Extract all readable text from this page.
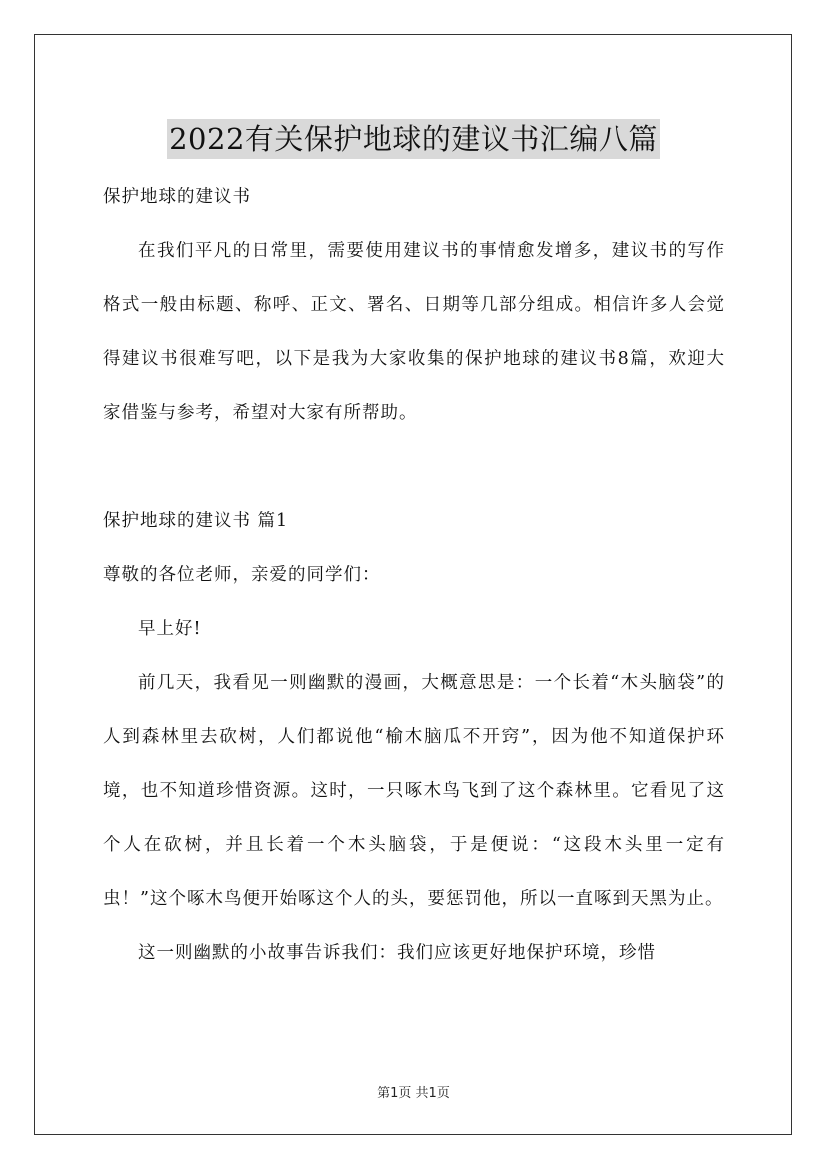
2022有关保护地球的建议书汇编八篇

保护地球的建议书

在我们平凡的日常里，需要使用建议书的事情愈发增多，建议书的写作格式一般由标题、称呼、正文、署名、日期等几部分组成。相信许多人会觉得建议书很难写吧，以下是我为大家收集的保护地球的建议书8篇，欢迎大家借鉴与参考，希望对大家有所帮助。

保护地球的建议书 篇1

尊敬的各位老师，亲爱的同学们：

早上好!

前几天，我看见一则幽默的漫画，大概意思是：一个长着“木头脑袋”的人到森林里去砍树，人们都说他“榆木脑瓜不开窍”，因为他不知道保护环境，也不知道珍惜资源。这时，一只啄木鸟飞到了这个森林里。它看见了这个人在砍树，并且长着一个木头脑袋，于是便说：“这段木头里一定有虫！”这个啄木鸟便开始啄这个人的头，要惩罚他，所以一直啄到天黑为止。

这一则幽默的小故事告诉我们：我们应该更好地保护环境，珍惜

第1页 共1页
